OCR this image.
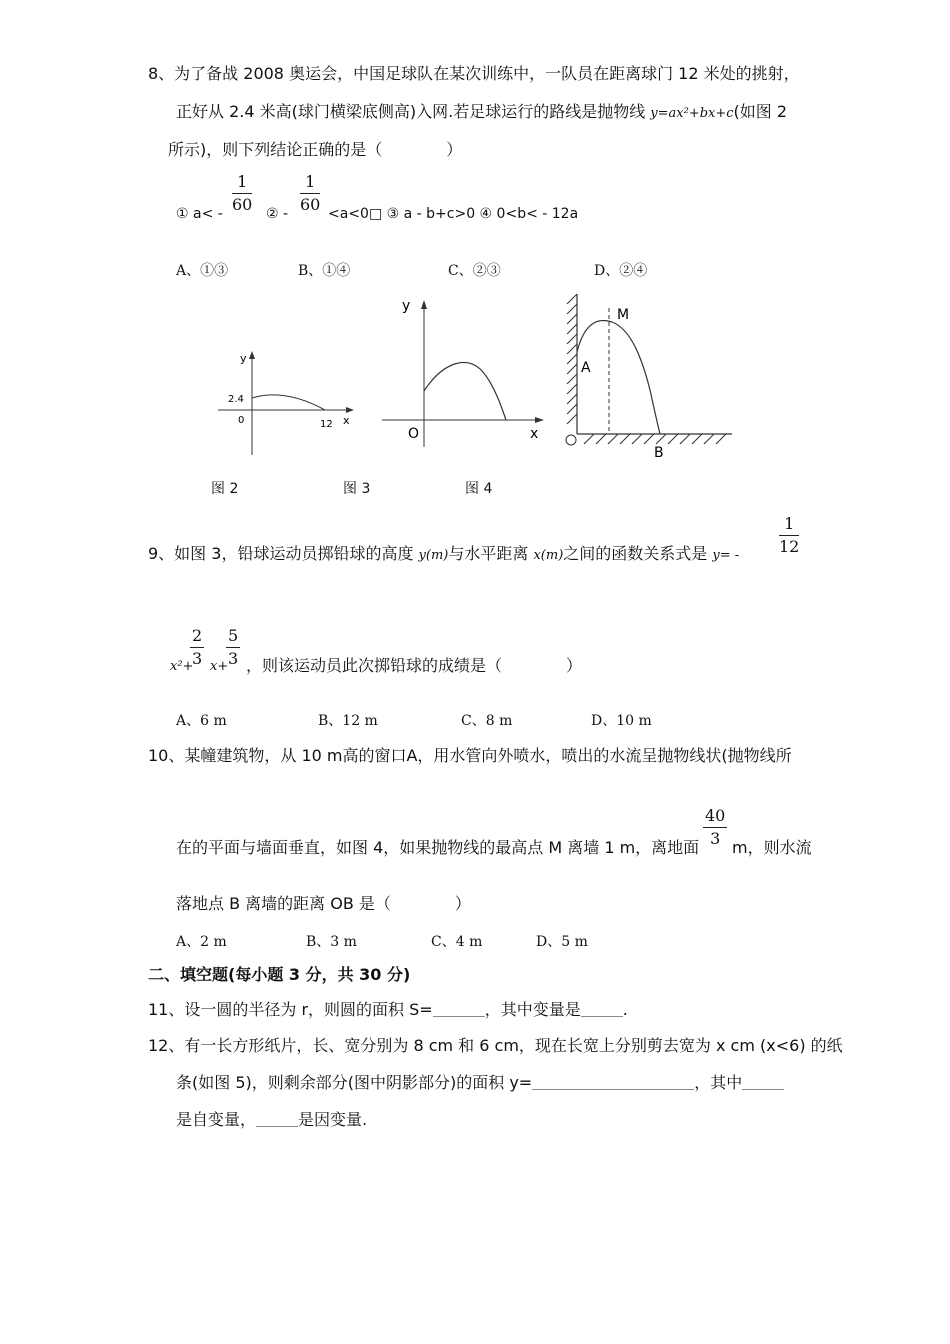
8、为了备战 2008 奥运会，中国足球队在某次训练中，一队员在距离球门 12 米处的挑射，
正好从 2.4 米高(球门横梁底侧高)入网.若足球运行的路线是抛物线 y=ax²+bx+c(如图 2
所示)，则下列结论正确的是（　　　　）
① $a< - \frac{1}{60}$ ② - $\frac{1}{60}$ <a<0□ ③ a - b+c>0 ④ 0<b< - 12a
A、①③	B、①④	C、②③	D、②④
y
x
2.4
0	12
y
x
O
A
M
B
图 2	图 3	图 4
9、如图 3，铅球运动员掷铅球的高度 y(m)与水平距离 x(m)之间的函数关系式是 $y= - \frac{1}{12}$
x²+
$\frac{2}{3} x+$
$\frac{5}{3}$ ，则该运动员此次掷铅球的成绩是（　　　　）
A、6 m	B、12 m	C、8 m	D、10 m
10、某幢建筑物，从 10 m高的窗口A，用水管向外喷水，喷出的水流呈抛物线状(抛物线所
在的平面与墙面垂直，如图 4，如果抛物线的最高点 M 离墙 1 m，离地面 $\frac{40}{3}$ m，则水流
落地点 B 离墙的距离 OB 是（　　　　）
A、2 m	B、3 m	C、4 m	D、5 m
二、填空题(每小题 3 分，共 30 分)
11、设一圆的半径为 r，则圆的面积 S=	，其中变量是	.
12、有一长方形纸片，长、宽分别为 8 cm 和 6 cm，现在长宽上分别剪去宽为 x cm (x<6) 的纸
条(如图 5)，则剩余部分(图中阴影部分)的面积 y=	，其中
是自变量，	是因变量.
